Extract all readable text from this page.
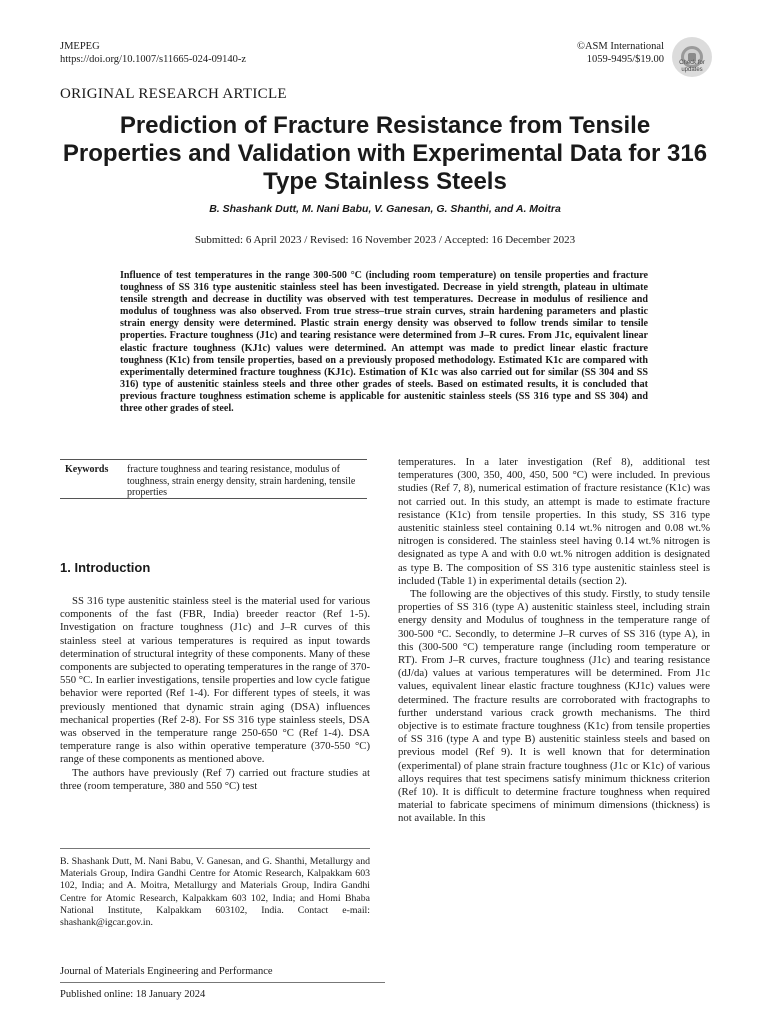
JMEPEG
https://doi.org/10.1007/s11665-024-09140-z
©ASM International
1059-9495/$19.00	Check for
updates
ORIGINAL RESEARCH ARTICLE
Prediction of Fracture Resistance from Tensile Properties and Validation with Experimental Data for 316 Type Stainless Steels
B. Shashank Dutt, M. Nani Babu, V. Ganesan, G. Shanthi, and A. Moitra
Submitted: 6 April 2023 / Revised: 16 November 2023 / Accepted: 16 December 2023
Influence of test temperatures in the range 300-500 °C (including room temperature) on tensile properties and fracture toughness of SS 316 type austenitic stainless steel has been investigated. Decrease in yield strength, plateau in ultimate tensile strength and decrease in ductility was observed with test temperatures. Decrease in modulus of resilience and modulus of toughness was also observed. From true stress–true strain curves, strain hardening parameters and plastic strain energy density were determined. Plastic strain energy density was observed to follow trends similar to tensile properties. Fracture toughness (J1c) and tearing resistance were determined from J–R cures. From J1c, equivalent linear elastic fracture toughness (KJ1c) values were determined. An attempt was made to predict linear elastic fracture toughness (K1c) from tensile properties, based on a previously proposed methodology. Estimated K1c are compared with experimentally determined fracture toughness (KJ1c). Estimation of K1c was also carried out for similar (SS 304 and SS 316) type of austenitic stainless steels and three other grades of steels. Based on estimated results, it is concluded that previous fracture toughness estimation scheme is applicable for austenitic stainless steels (SS 316 type and SS 304) and three other grades of steel.
Keywords	fracture toughness and tearing resistance, modulus of toughness, strain energy density, strain hardening, tensile properties
1. Introduction

SS 316 type austenitic stainless steel is the material used for various components of the fast (FBR, India) breeder reactor (Ref 1-5). Investigation on fracture toughness (J1c) and J–R curves of this stainless steel at various temperatures is required as input towards determination of structural integrity of these components. Many of these components are subjected to operating temperatures in the range of 370-550 °C. In earlier investigations, tensile properties and low cycle fatigue behavior were reported (Ref 1-4). For different types of steels, it was previously mentioned that dynamic strain aging (DSA) influences mechanical properties (Ref 2-8). For SS 316 type stainless steels, DSA was observed in the temperature range 250-650 °C (Ref 1-4). DSA temperature range is also within operative temperature (370-550 °C) range of these components as mentioned above.

The authors have previously (Ref 7) carried out fracture studies at three (room temperature, 380 and 550 °C) test

B. Shashank Dutt, M. Nani Babu, V. Ganesan, and G. Shanthi, Metallurgy and Materials Group, Indira Gandhi Centre for Atomic Research, Kalpakkam 603 102, India; and A. Moitra, Metallurgy and Materials Group, Indira Gandhi Centre for Atomic Research, Kalpakkam 603 102, India; and Homi Bhaba National Institute, Kalpakkam 603102, India. Contact e-mail: shashank@igcar.gov.in.

temperatures. In a later investigation (Ref 8), additional test temperatures (300, 350, 400, 450, 500 °C) were included. In previous studies (Ref 7, 8), numerical estimation of fracture resistance (K1c) was not carried out. In this study, an attempt is made to estimate fracture resistance (K1c) from tensile properties. In this study, SS 316 type austenitic stainless steel containing 0.14 wt.% nitrogen and 0.08 wt.% nitrogen is considered. The stainless steel having 0.14 wt.% nitrogen is designated as type A and with 0.0 wt.% nitrogen addition is designated as type B. The composition of SS 316 type austenitic stainless steel is included (Table 1) in experimental details (section 2).

The following are the objectives of this study. Firstly, to study tensile properties of SS 316 (type A) austenitic stainless steel, including strain energy density and Modulus of toughness in the temperature range of 300-500 °C. Secondly, to determine J–R curves of SS 316 (type A), in this (300-500 °C) temperature range (including room temperature or RT). From J–R curves, fracture toughness (J1c) and tearing resistance (dJ/da) values at various temperatures will be determined. From J1c values, equivalent linear elastic fracture toughness (KJ1c) values were determined. The fracture results are corroborated with fractographs to further understand various crack growth mechanisms. The third objective is to estimate fracture toughness (K1c) from tensile properties of SS 316 (type A and type B) austenitic stainless steels and based on previous model (Ref 9). It is well known that for determination (experimental) of plane strain fracture toughness (J1c or K1c) of various alloys requires that test specimens satisfy minimum thickness criterion (Ref 10). It is difficult to determine fracture toughness when required material to fabricate specimens of minimum dimensions (thickness) is not available. In this

Journal of Materials Engineering and Performance
Published online: 18 January 2024
